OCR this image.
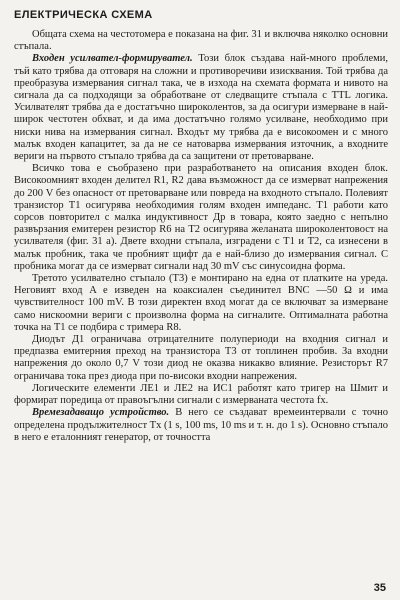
ЕЛЕКТРИЧЕСКА СХЕМА

Общата схема на честотомера е показана на фиг. 31 и включва няколко основни стъпала.

Входен усилвател-формирувател. Този блок създава най-много проблеми, тъй като трябва да отговаря на сложни и противоречиви изисквания. Той трябва да преобразува измервания сигнал така, че в изхода на схемата формата и нивото на сигнала да са подходящи за обработване от следващите стъпала с ТТL логика. Усилвателят трябва да е достатъчно широколентов, за да осигури измерване в най-широк честотен обхват, и да има достатъчно голямо усилване, необходимо при ниски нива на измервания сигнал. Входът му трябва да е високоомен и с много малък входен капацитет, за да не се натоварва измервания източник, а входните вериги на първото стъпало трябва да са защитени от претоварване.

Всичко това е съобразено при разработването на описания входен блок. Високоомният входен делител R1, R2 дава възможност да се измерват напрежения до 200 V без опасност от претоварване или повреда на входното стъпало. Полевият транзистор T1 осигурява необходимия голям входен импеданс. T1 работи като сорсов повторител с малка индуктивност Др в товара, която заедно с непълно развързания емитерен резистор R6 на T2 осигурява желаната широколентовост на усилвателя (фиг. 31 a). Двете входни стъпала, изградени с T1 и T2, са изнесени в малък пробник, така че пробният щифт да е най-близо до измервания сигнал. С пробника могат да се измерват сигнали над 30 mV със синусоидна форма.

Третото усилвателно стъпало (T3) е монтирано на една от платките на уреда. Неговият вход A е изведен на коаксиален съединител BNC —50 Ω и има чувствителност 100 mV. В този директен вход могат да се включват за измерване само нискоомни вериги с произволна форма на сигналите. Оптималната работна точка на T1 се подбира с тримера R8.

Диодът Д1 ограничава отрицателните полупериоди на входния сигнал и предпазва емитерния преход на транзистора T3 от топлинен пробив. За входни напрежения до около 0,7 V този диод не оказва никакво влияние. Резисторът R7 ограничава тока през диода при по-високи входни напрежения.

Логическите елементи ЛЕ1 и ЛЕ2 на ИС1 работят като тригер на Шмит и формират поредица от правоъгълни сигнали с измерваната честота fx.

Времезадаващо устройство. В него се създават времеинтервали с точно определена продължителност Tx (1 s, 100 ms, 10 ms и т. н. до 1 s). Основно стъпало в него е еталонният генератор, от точността

35
